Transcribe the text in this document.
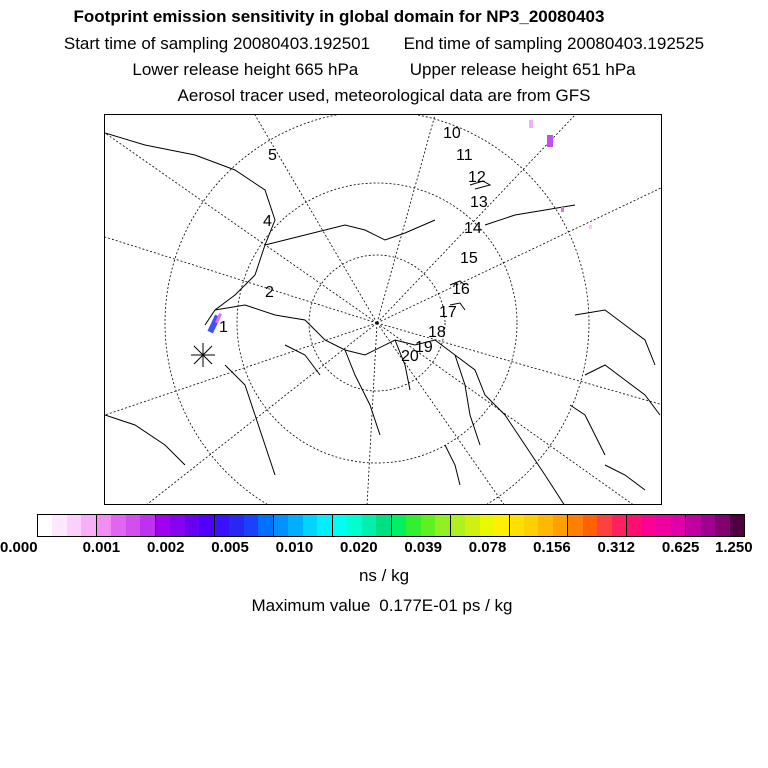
Footprint emission sensitivity in global domain for NP3_20080403
Start time of sampling 20080403.192501 End time of sampling 20080403.192525
Lower release height 665 hPa	Upper release height 651 hPa
Aerosol tracer used, meteorological data are from GFS
1
2
4
5
10
11
12
13
14
15
16
17
18
19
20
0.000	0.001 0.002 0.005 0.010 0.020 0.039 0.078 0.156 0.312 0.625 1.250
ns / kg
Maximum value 0.177E-01 ps / kg
